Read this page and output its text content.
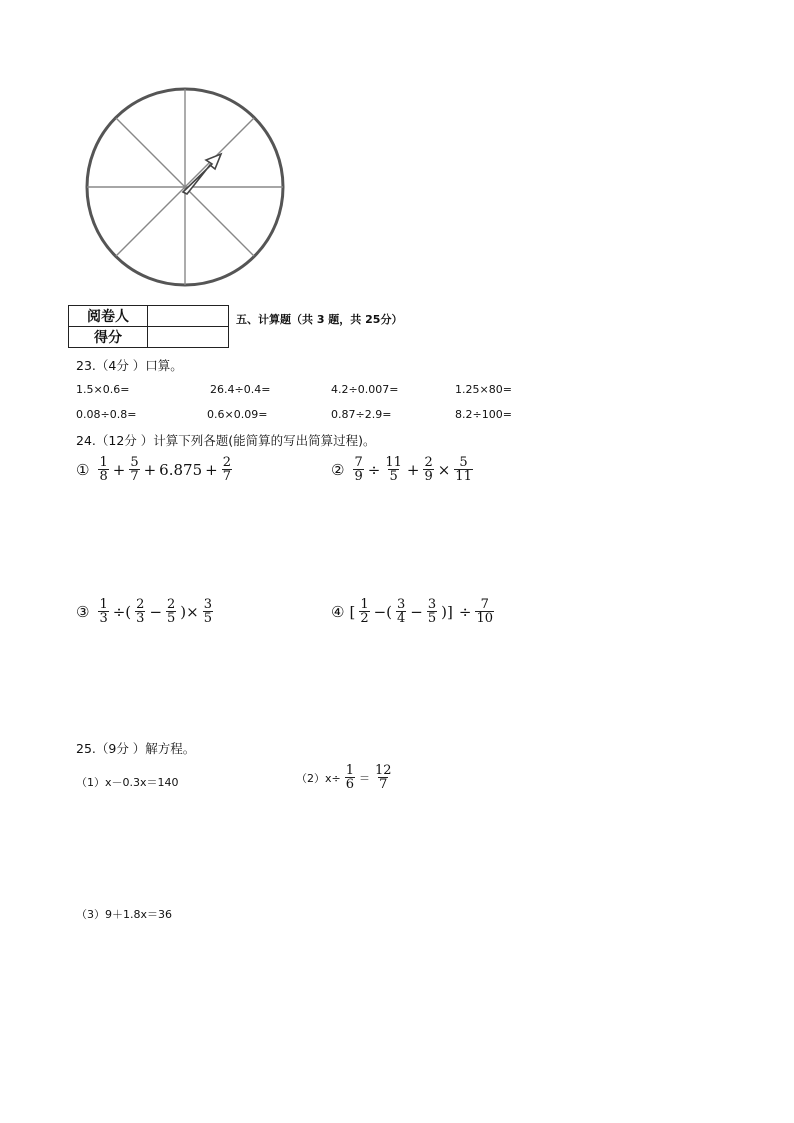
阅卷人	
得分	
五、计算题（共 3 题，共 25分）
23.（4分 ）口算。
1.5×0.6=	26.4÷0.4=	4.2÷0.007=	1.25×80=
0.08÷0.8=	0.6×0.09=	0.87÷2.9=	8.2÷100=
24.（12分 ）计算下列各题(能简算的写出简算过程)。
① $\frac{1}{8} + \frac{5}{7} + 6.875 + \frac{2}{7}$	② $\frac{7}{9} \div \frac{11}{5} + \frac{2}{9} \times \frac{5}{11}$
③ $\frac{1}{3}$ ÷( $\frac{2}{3} - \frac{2}{5}$ )× $\frac{3}{5}$	④ [ $\frac{1}{2}$ −( $\frac{3}{4} - \frac{3}{5}$ )] ÷ $\frac{7}{10}$
25.（9分 ）解方程。
（1）x－0.3x＝140	$(2)x\div \frac{1}{6} = \frac{12}{7}$
（3）9＋1.8x＝36
